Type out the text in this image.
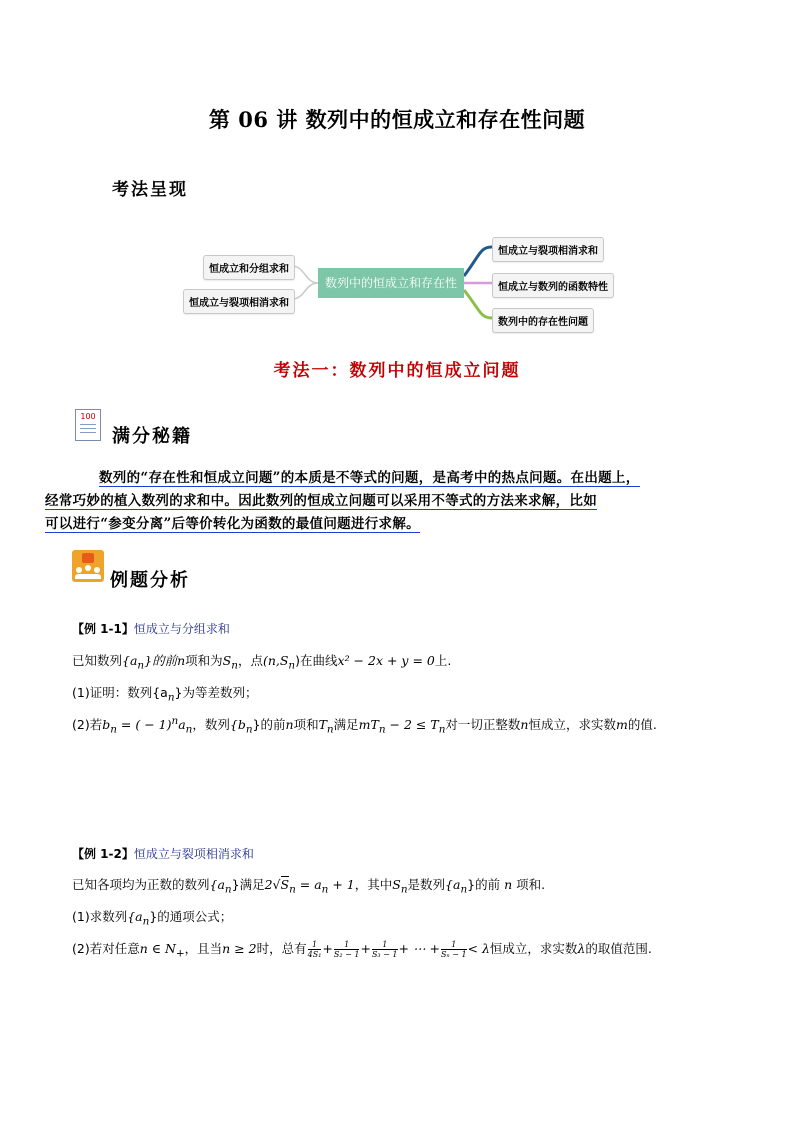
第 06 讲 数列中的恒成立和存在性问题
考法呈现
恒成立和分组求和
恒成立与裂项相消求和
数列中的恒成立和存在性
恒成立与裂项相消求和
恒成立与数列的函数特性
数列中的存在性问题
考法一：数列中的恒成立问题
100
满分秘籍
数列的“存在性和恒成立问题”的本质是不等式的问题，是高考中的热点问题。在出题上，
经常巧妙的植入数列的求和中。因此数列的恒成立问题可以采用不等式的方法来求解，比如
可以进行“参变分离”后等价转化为函数的最值问题进行求解。
例题分析
【例 1-1】恒成立与分组求和
已知数列$\{a_n\}$的前n项和为$S_n$，点$(n,S_n)$在曲线x² − 2x + y = 0上.
(1)证明：数列$\{a_n\}$为等差数列；
(2)若$b_n$ = ( − $1)^na_n$，数列$\{b_n\}$的前n项和$T_n$满足$mT_n - 2 \le T_n$对一切正整数n恒成立，求实数m的值.
【例 1-2】恒成立与裂项相消求和
已知各项均为正数的数列$\{a_n\}$满足$2√S_n = a_n + 1$，其中$S_n$是数列$\{a_n\}$的前 n 项和.
(1)求数列$\{a_n\}$的通项公式；
(2)若对任意n ∈ $N_+$，且当n ≥ 2时，总有 $\frac{1}{\text{4S₁}} + \frac{1}{\text{S₂ − 1}} + \frac{1}{\text{S₃ − 1}}$ + ⋯ + $\frac{1}{\text{Sₙ − 1}} < \lambda$恒成立，求实数λ的取值范围.
